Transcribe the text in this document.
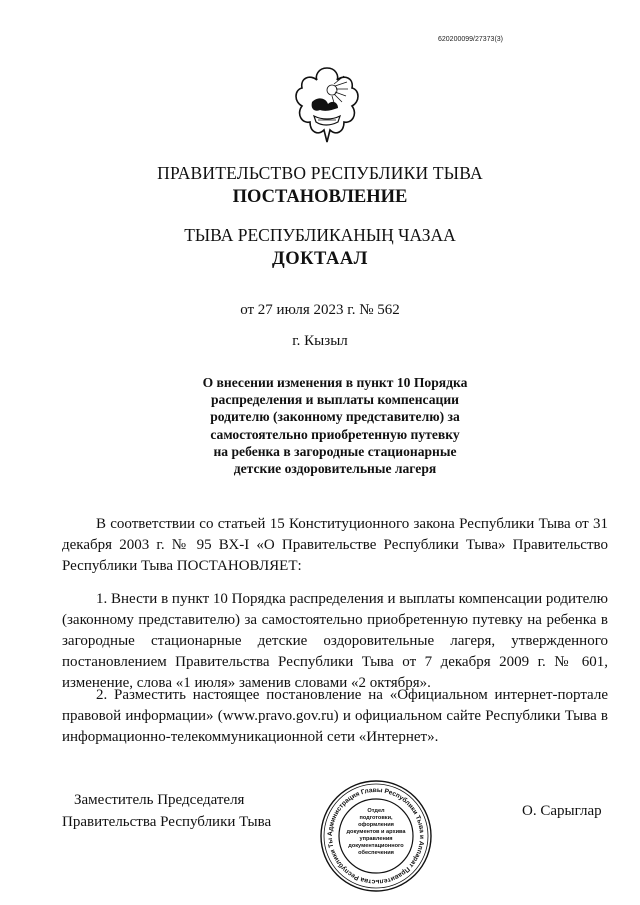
620200099/27373(3)
ПРАВИТЕЛЬСТВО РЕСПУБЛИКИ ТЫВА
ПОСТАНОВЛЕНИЕ
ТЫВА РЕСПУБЛИКАНЫҢ ЧАЗАА
ДОКТААЛ
от 27 июля 2023 г. № 562
г. Кызыл
О внесении изменения в пункт 10 Порядка
распределения и выплаты компенсации
родителю (законному представителю) за
самостоятельно приобретенную путевку
на ребенка в загородные стационарные
детские оздоровительные лагеря
В соответствии со статьей 15 Конституционного закона Республики Тыва от 31 декабря 2003 г. № 95 ВХ-I «О Правительстве Республики Тыва» Правительство Республики Тыва ПОСТАНОВЛЯЕТ:
1. Внести в пункт 10 Порядка распределения и выплаты компенсации родителю (законному представителю) за самостоятельно приобретенную путевку на ребенка в загородные стационарные детские оздоровительные лагеря, утвержденного постановлением Правительства Республики Тыва от 7 декабря 2009 г. № 601, изменение, слова «1 июля» заменив словами «2 октября».
2. Разместить настоящее постановление на «Официальном интернет-портале правовой информации» (www.pravo.gov.ru) и официальном сайте Республики Тыва в информационно-телекоммуникационной сети «Интернет».
Заместитель Председателя
Правительства Республики Тыва
Администрация Главы Республики Тыва и Аппарат Правительства Республики Ты
Отдел
подготовки,
оформления
документов и архива
управления
документационного
обеспечения
О. Сарыглар
